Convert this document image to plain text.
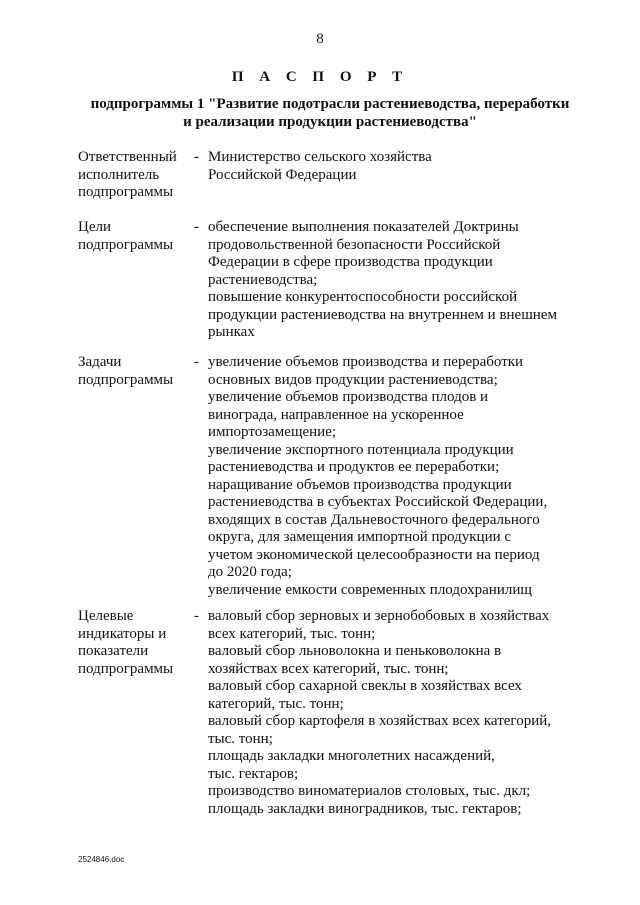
8
П А С П О Р Т
подпрограммы 1 "Развитие подотрасли растениеводства, переработки
и реализации продукции растениеводства"
Ответственный
исполнитель
подпрограммы
- Министерство сельского хозяйства
Российской Федерации
Цели
подпрограммы
- обеспечение выполнения показателей Доктрины
продовольственной безопасности Российской
Федерации в сфере производства продукции
растениеводства;
повышение конкурентоспособности российской
продукции растениеводства на внутреннем и внешнем
рынках
Задачи
подпрограммы
- увеличение объемов производства и переработки
основных видов продукции растениеводства;
увеличение объемов производства плодов и
винограда, направленное на ускоренное
импортозамещение;
увеличение экспортного потенциала продукции
растениеводства и продуктов ее переработки;
наращивание объемов производства продукции
растениеводства в субъектах Российской Федерации,
входящих в состав Дальневосточного федерального
округа, для замещения импортной продукции с
учетом экономической целесообразности на период
до 2020 года;
увеличение емкости современных плодохранилищ
Целевые
индикаторы и
показатели
подпрограммы
- валовый сбор зерновых и зернобобовых в хозяйствах
всех категорий, тыс. тонн;
валовый сбор льноволокна и пеньковолокна в
хозяйствах всех категорий, тыс. тонн;
валовый сбор сахарной свеклы в хозяйствах всех
категорий, тыс. тонн;
валовый сбор картофеля в хозяйствах всех категорий,
тыс. тонн;
площадь закладки многолетних насаждений,
тыс. гектаров;
производство виноматериалов столовых, тыс. дкл;
площадь закладки виноградников, тыс. гектаров;
2524846.doc
